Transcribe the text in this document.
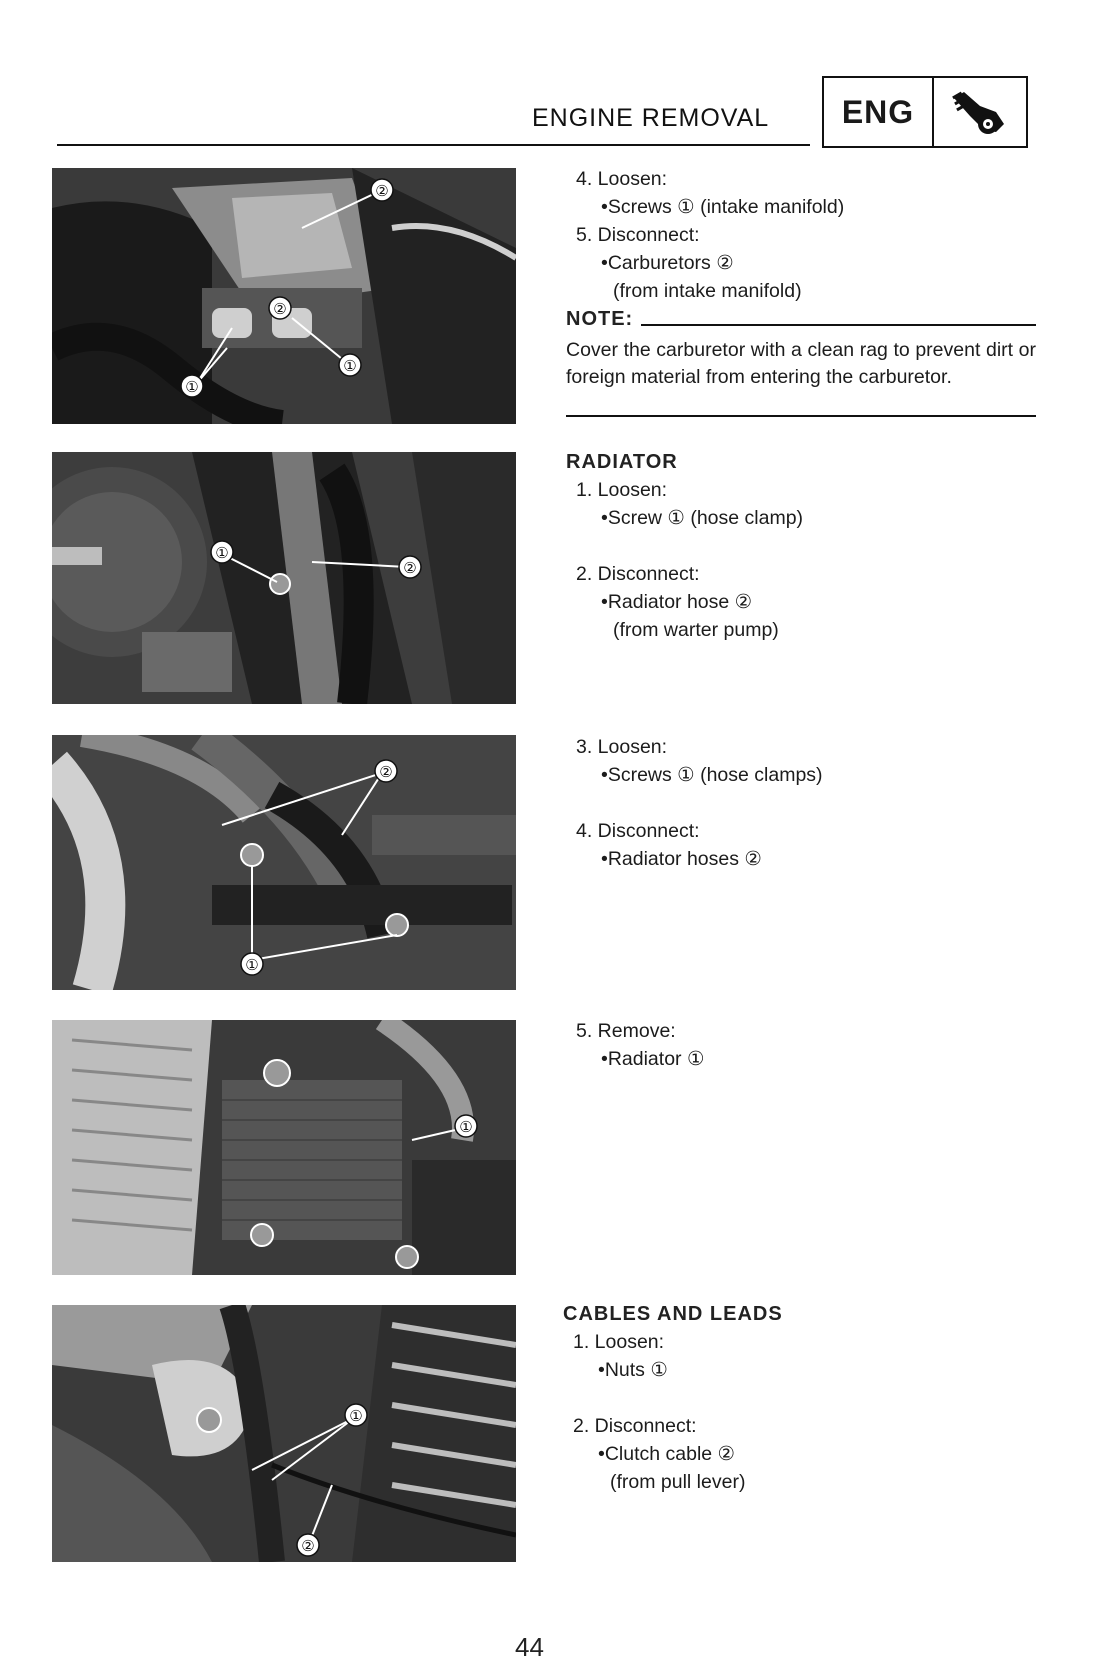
ENGINE REMOVAL	ENG
②
②
①
①
①
②
②
①
①
①
②
4. Loosen:
•Screws ① (intake manifold)
5. Disconnect:
•Carburetors ②
(from intake manifold)
NOTE:
Cover the carburetor with a clean rag to prevent dirt or foreign material from entering the carburetor.
RADIATOR
1. Loosen:
•Screw ① (hose clamp)
2. Disconnect:
•Radiator hose ②
(from warter pump)
3. Loosen:
•Screws ① (hose clamps)
4. Disconnect:
•Radiator hoses ②
5. Remove:
•Radiator ①
CABLES AND LEADS
1. Loosen:
•Nuts ①
2. Disconnect:
•Clutch cable ②
(from pull lever)
44
